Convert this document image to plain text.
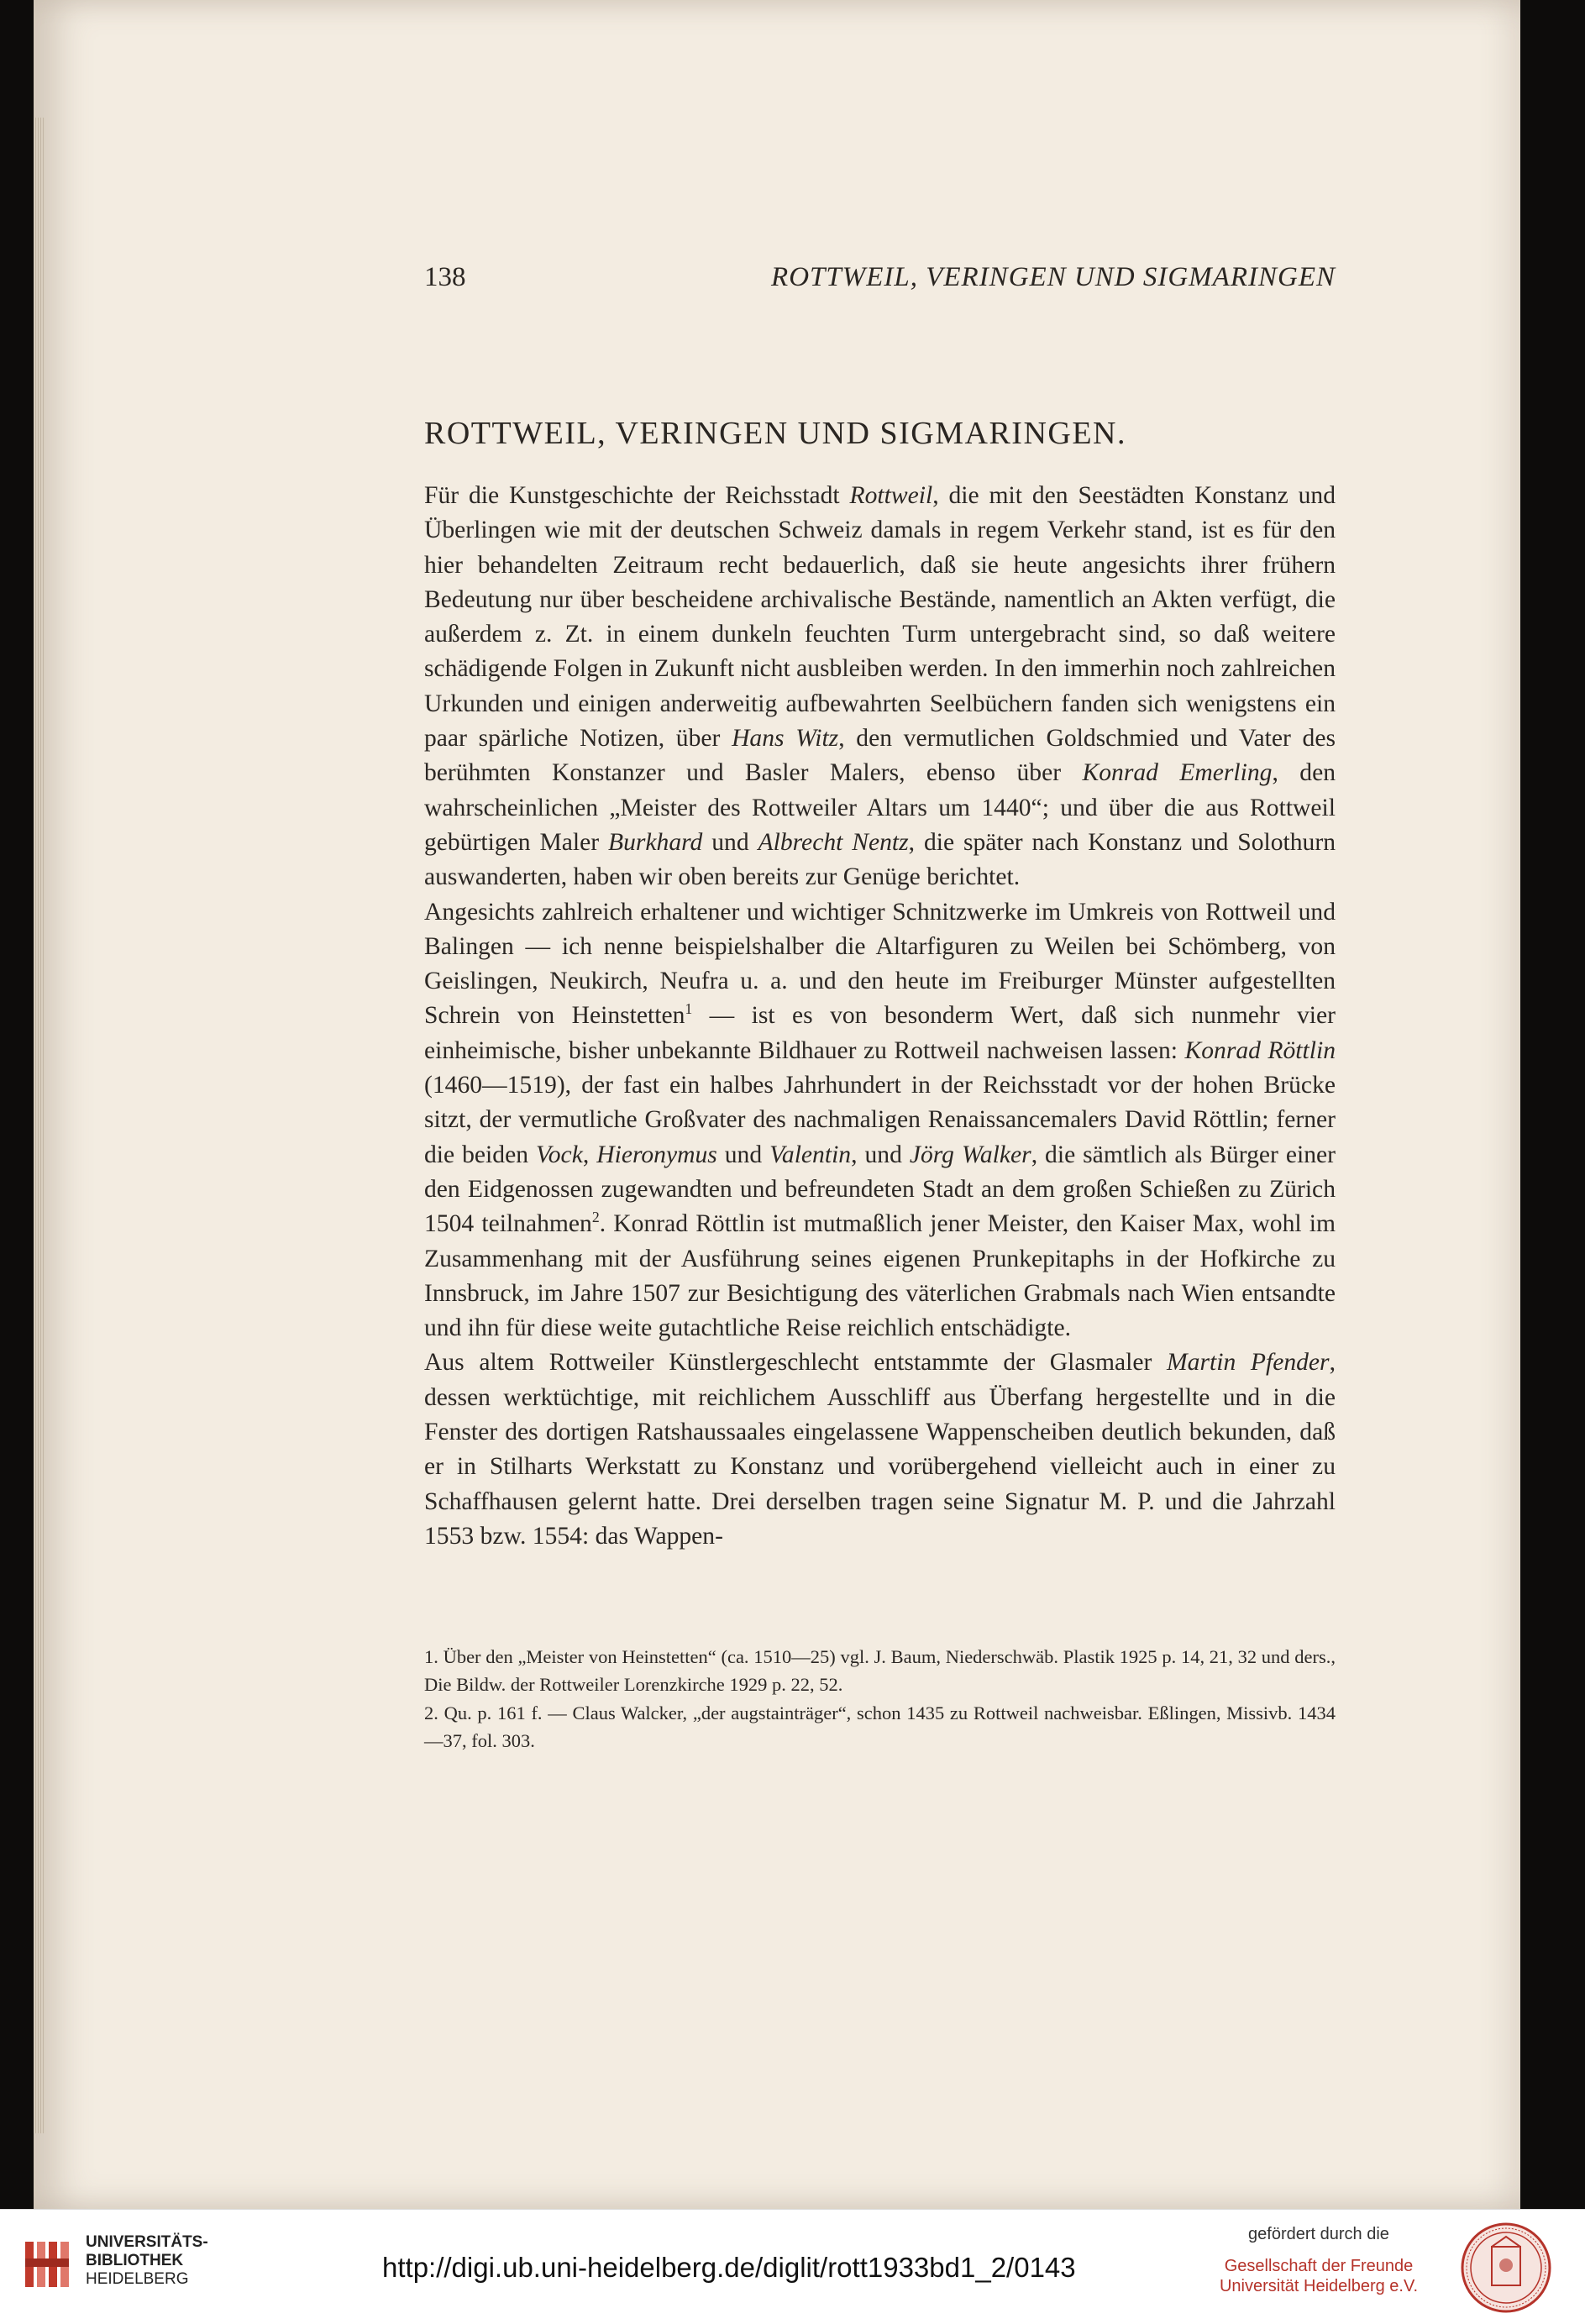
138	ROTTWEIL, VERINGEN UND SIGMARINGEN
ROTTWEIL, VERINGEN UND SIGMARINGEN.

Für die Kunstgeschichte der Reichsstadt Rottweil, die mit den Seestädten Konstanz und Überlingen wie mit der deutschen Schweiz damals in regem Verkehr stand, ist es für den hier behandelten Zeitraum recht bedauerlich, daß sie heute angesichts ihrer frühern Bedeutung nur über bescheidene archivalische Bestände, namentlich an Akten verfügt, die außerdem z. Zt. in einem dunkeln feuchten Turm untergebracht sind, so daß weitere schädigende Folgen in Zukunft nicht ausbleiben werden. In den immerhin noch zahlreichen Urkunden und einigen anderweitig aufbewahrten Seelbüchern fanden sich wenigstens ein paar spärliche Notizen, über Hans Witz, den vermutlichen Goldschmied und Vater des berühmten Konstanzer und Basler Malers, ebenso über Konrad Emerling, den wahrscheinlichen „Meister des Rottweiler Altars um 1440“; und über die aus Rottweil gebürtigen Maler Burkhard und Albrecht Nentz, die später nach Konstanz und Solothurn auswanderten, haben wir oben bereits zur Genüge berichtet.

Angesichts zahlreich erhaltener und wichtiger Schnitzwerke im Umkreis von Rottweil und Balingen — ich nenne beispielshalber die Altarfiguren zu Weilen bei Schömberg, von Geislingen, Neukirch, Neufra u. a. und den heute im Freiburger Münster aufgestellten Schrein von Heinstetten$^1$ — ist es von besonderm Wert, daß sich nunmehr vier einheimische, bisher unbekannte Bildhauer zu Rottweil nachweisen lassen: Konrad Röttlin (1460—1519), der fast ein halbes Jahrhundert in der Reichsstadt vor der hohen Brücke sitzt, der vermutliche Großvater des nachmaligen Renaissancemalers David Röttlin; ferner die beiden Vock, Hieronymus und Valentin, und Jörg Walker, die sämtlich als Bürger einer den Eidgenossen zugewandten und befreundeten Stadt an dem großen Schießen zu Zürich 1504 teilnahmen$^2$. Konrad Röttlin ist mutmaßlich jener Meister, den Kaiser Max, wohl im Zusammenhang mit der Ausführung seines eigenen Prunkepitaphs in der Hofkirche zu Innsbruck, im Jahre 1507 zur Besichtigung des väterlichen Grabmals nach Wien entsandte und ihn für diese weite gutachtliche Reise reichlich entschädigte.

Aus altem Rottweiler Künstlergeschlecht entstammte der Glasmaler Martin Pfender, dessen werktüchtige, mit reichlichem Ausschliff aus Überfang hergestellte und in die Fenster des dortigen Ratshaussaales eingelassene Wappenscheiben deutlich bekunden, daß er in Stilharts Werkstatt zu Konstanz und vorübergehend vielleicht auch in einer zu Schaffhausen gelernt hatte. Drei derselben tragen seine Signatur M. P. und die Jahrzahl 1553 bzw. 1554: das Wappen-

1. Über den „Meister von Heinstetten“ (ca. 1510—25) vgl. J. Baum, Niederschwäb. Plastik 1925 p. 14, 21, 32 und ders., Die Bildw. der Rottweiler Lorenzkirche 1929 p. 22, 52.

2. Qu. p. 161 f. — Claus Walcker, „der augstainträger“, schon 1435 zu Rottweil nachweisbar. Eßlingen, Missivb. 1434—37, fol. 303.

UNIVERSITÄTS-
BIBLIOTHEK
HEIDELBERG	http://digi.ub.uni-heidelberg.de/diglit/rott1933bd1_2/0143
gefördert durch die
Gesellschaft der Freunde
Universität Heidelberg e.V.
